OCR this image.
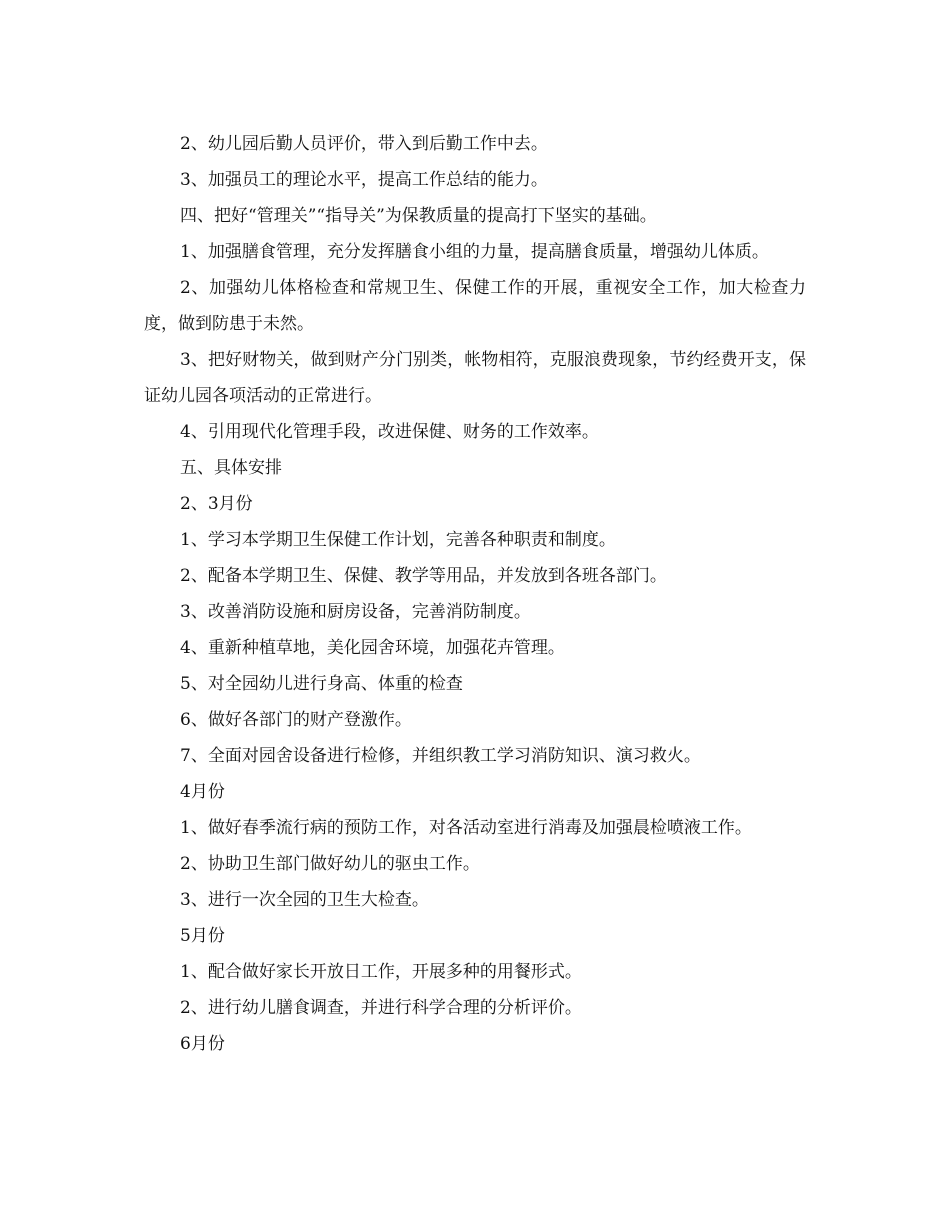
2、幼儿园后勤人员评价，带入到后勤工作中去。

3、加强员工的理论水平，提高工作总结的能力。

四、把好“管理关”“指导关”为保教质量的提高打下坚实的基础。

1、加强膳食管理，充分发挥膳食小组的力量，提高膳食质量，增强幼儿体质。

2、加强幼儿体格检查和常规卫生、保健工作的开展，重视安全工作，加大检查力度，做到防患于未然。

3、把好财物关，做到财产分门别类，帐物相符，克服浪费现象，节约经费开支，保证幼儿园各项活动的正常进行。

4、引用现代化管理手段，改进保健、财务的工作效率。

五、具体安排

2、3月份

1、学习本学期卫生保健工作计划，完善各种职责和制度。

2、配备本学期卫生、保健、教学等用品，并发放到各班各部门。

3、改善消防设施和厨房设备，完善消防制度。

4、重新种植草地，美化园舍环境，加强花卉管理。

5、对全园幼儿进行身高、体重的检查

6、做好各部门的财产登激作。

7、全面对园舍设备进行检修，并组织教工学习消防知识、演习救火。

4月份

1、做好春季流行病的预防工作，对各活动室进行消毒及加强晨检喷液工作。

2、协助卫生部门做好幼儿的驱虫工作。

3、进行一次全园的卫生大检查。

5月份

1、配合做好家长开放日工作，开展多种的用餐形式。

2、进行幼儿膳食调查，并进行科学合理的分析评价。

6月份
